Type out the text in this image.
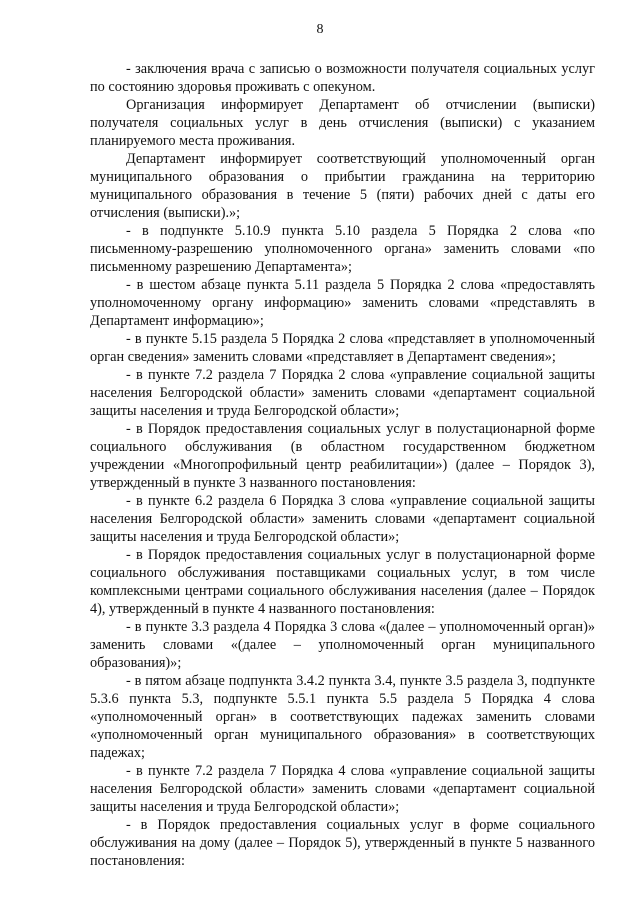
8

- заключения врача с записью о возможности получателя социальных услуг по состоянию здоровья проживать с опекуном.

Организация информирует Департамент об отчислении (выписки) получателя социальных услуг в день отчисления (выписки) с указанием планируемого места проживания.

Департамент информирует соответствующий уполномоченный орган муниципального образования о прибытии гражданина на территорию муниципального образования в течение 5 (пяти) рабочих дней с даты его отчисления (выписки).»;

- в подпункте 5.10.9 пункта 5.10 раздела 5 Порядка 2 слова «по письменному-разрешению уполномоченного органа» заменить словами «по письменному разрешению Департамента»;

- в шестом абзаце пункта 5.11 раздела 5 Порядка 2 слова «предоставлять уполномоченному органу информацию» заменить словами «представлять в Департамент информацию»;

- в пункте 5.15 раздела 5 Порядка 2 слова «представляет в уполномоченный орган сведения» заменить словами «представляет в Департамент сведения»;

- в пункте 7.2 раздела 7 Порядка 2 слова «управление социальной защиты населения Белгородской области» заменить словами «департамент социальной защиты населения и труда Белгородской области»;

- в Порядок предоставления социальных услуг в полустационарной форме социального обслуживания (в областном государственном бюджетном учреждении «Многопрофильный центр реабилитации») (далее – Порядок 3), утвержденный в пункте 3 названного постановления:

- в пункте 6.2 раздела 6 Порядка 3 слова «управление социальной защиты населения Белгородской области» заменить словами «департамент социальной защиты населения и труда Белгородской области»;

- в Порядок предоставления социальных услуг в полустационарной форме социального обслуживания поставщиками социальных услуг, в том числе комплексными центрами социального обслуживания населения (далее – Порядок 4), утвержденный в пункте 4 названного постановления:

- в пункте 3.3 раздела 4 Порядка 3 слова «(далее – уполномоченный орган)» заменить словами «(далее – уполномоченный орган муниципального образования)»;

- в пятом абзаце подпункта 3.4.2 пункта 3.4, пункте 3.5 раздела 3, подпункте 5.3.6 пункта 5.3, подпункте 5.5.1 пункта 5.5 раздела 5 Порядка 4 слова «уполномоченный орган» в соответствующих падежах заменить словами «уполномоченный орган муниципального образования» в соответствующих падежах;

- в пункте 7.2 раздела 7 Порядка 4 слова «управление социальной защиты населения Белгородской области» заменить словами «департамент социальной защиты населения и труда Белгородской области»;

- в Порядок предоставления социальных услуг в форме социального обслуживания на дому (далее – Порядок 5), утвержденный в пункте 5 названного постановления:
